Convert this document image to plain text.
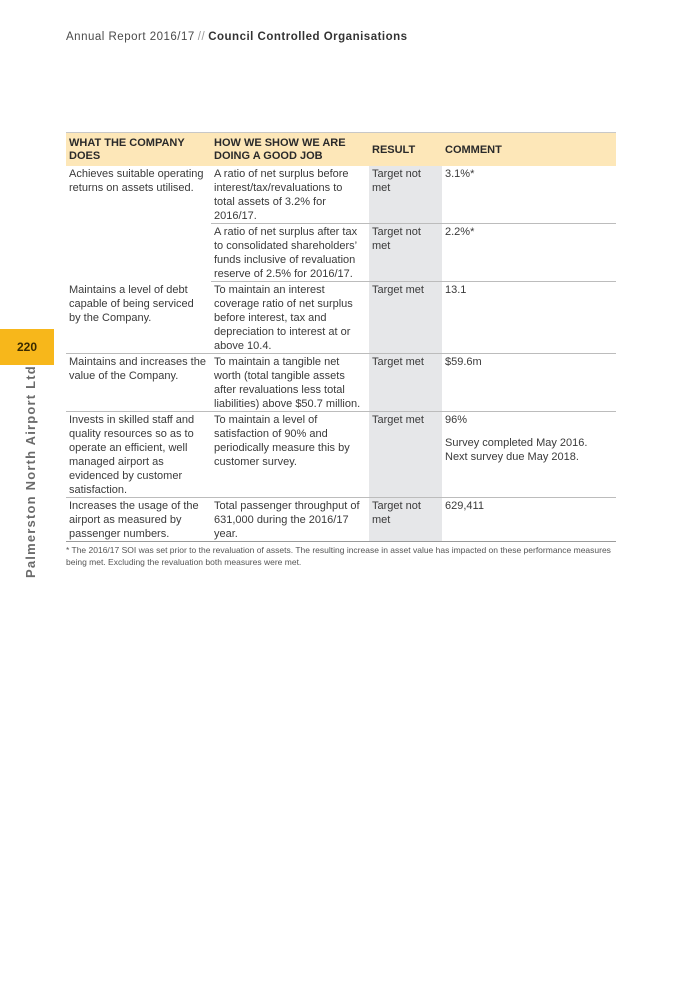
Annual Report 2016/17 // Council Controlled Organisations
220
Palmerston North Airport Ltd
WHAT THE COMPANY DOES	HOW WE SHOW WE ARE DOING A GOOD JOB	RESULT	COMMENT
Achieves suitable operating returns on assets utilised.	A ratio of net surplus before interest/tax/revaluations to total assets of 3.2% for 2016/17.	Target not met	3.1%*

	A ratio of net surplus after tax to consolidated shareholders’ funds inclusive of revaluation reserve of 2.5% for 2016/17.	Target not met	2.2%*

Maintains a level of debt capable of being serviced by the Company.	To maintain an interest coverage ratio of net surplus before interest, tax and depreciation to interest at or above 10.4.	Target met	13.1

Maintains and increases the value of the Company.	To maintain a tangible net worth (total tangible assets after revaluations less total liabilities) above $50.7 million.	Target met	$59.6m

Invests in skilled staff and quality resources so as to operate an efficient, well managed airport as evidenced by customer satisfaction.	To maintain a level of satisfaction of 90% and periodically measure this by customer survey.	Target met	96%
Survey completed May 2016. Next survey due May 2018.

Increases the usage of the airport as measured by passenger numbers.	Total passenger throughput of 631,000 during the 2016/17 year.	Target not met	629,411
* The 2016/17 SOI was set prior to the revaluation of assets. The resulting increase in asset value has impacted on these performance measures being met. Excluding the revaluation both measures were met.
